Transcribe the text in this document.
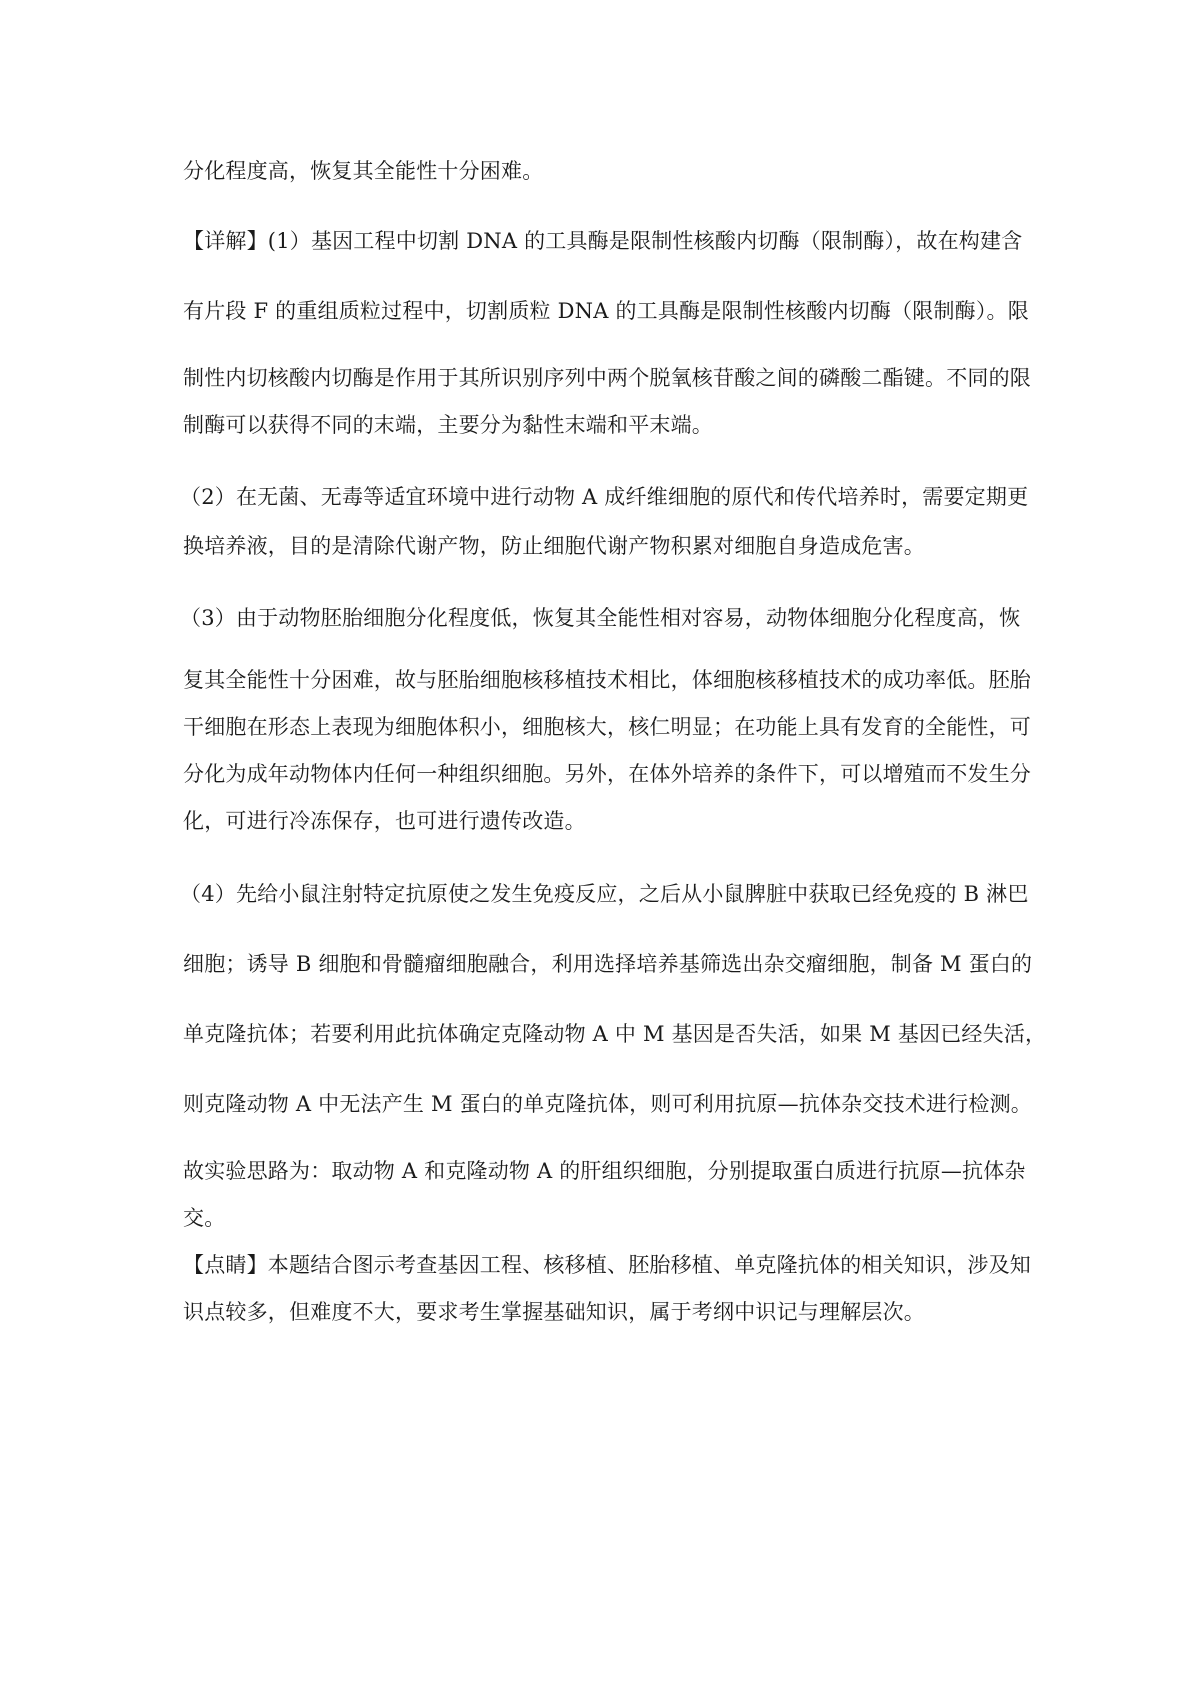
分化程度高，恢复其全能性十分困难。
【详解】(1）基因工程中切割 DNA 的工具酶是限制性核酸内切酶（限制酶），故在构建含
有片段 F 的重组质粒过程中，切割质粒 DNA 的工具酶是限制性核酸内切酶（限制酶）。限
制性内切核酸内切酶是作用于其所识别序列中两个脱氧核苷酸之间的磷酸二酯键。不同的限
制酶可以获得不同的末端，主要分为黏性末端和平末端。
（2）在无菌、无毒等适宜环境中进行动物 A 成纤维细胞的原代和传代培养时，需要定期更
换培养液，目的是清除代谢产物，防止细胞代谢产物积累对细胞自身造成危害。
（3）由于动物胚胎细胞分化程度低，恢复其全能性相对容易，动物体细胞分化程度高，恢
复其全能性十分困难，故与胚胎细胞核移植技术相比，体细胞核移植技术的成功率低。胚胎
干细胞在形态上表现为细胞体积小，细胞核大，核仁明显；在功能上具有发育的全能性，可
分化为成年动物体内任何一种组织细胞。另外，在体外培养的条件下，可以增殖而不发生分
化，可进行冷冻保存，也可进行遗传改造。
（4）先给小鼠注射特定抗原使之发生免疫反应，之后从小鼠脾脏中获取已经免疫的 B 淋巴
细胞；诱导 B 细胞和骨髓瘤细胞融合，利用选择培养基筛选出杂交瘤细胞，制备 M 蛋白的
单克隆抗体；若要利用此抗体确定克隆动物 A 中 M 基因是否失活，如果 M 基因已经失活，
则克隆动物 A 中无法产生 M 蛋白的单克隆抗体，则可利用抗原—抗体杂交技术进行检测。
故实验思路为：取动物 A 和克隆动物 A 的肝组织细胞，分别提取蛋白质进行抗原—抗体杂
交。
【点睛】本题结合图示考查基因工程、核移植、胚胎移植、单克隆抗体的相关知识，涉及知
识点较多，但难度不大，要求考生掌握基础知识，属于考纲中识记与理解层次。
